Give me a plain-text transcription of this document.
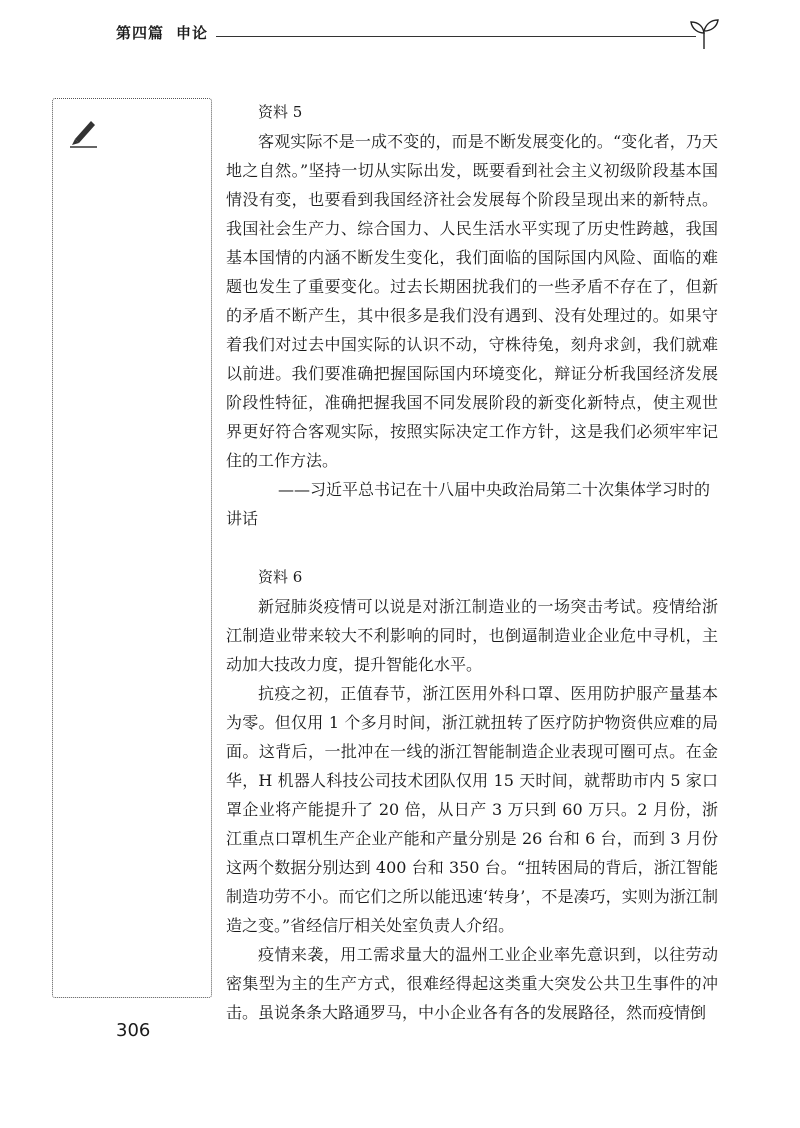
第四篇 申论

资料 5

客观实际不是一成不变的，而是不断发展变化的。“变化者，乃天地之自然。”坚持一切从实际出发，既要看到社会主义初级阶段基本国情没有变，也要看到我国经济社会发展每个阶段呈现出来的新特点。我国社会生产力、综合国力、人民生活水平实现了历史性跨越，我国基本国情的内涵不断发生变化，我们面临的国际国内风险、面临的难题也发生了重要变化。过去长期困扰我们的一些矛盾不存在了，但新的矛盾不断产生，其中很多是我们没有遇到、没有处理过的。如果守着我们对过去中国实际的认识不动，守株待兔，刻舟求剑，我们就难以前进。我们要准确把握国际国内环境变化，辩证分析我国经济发展阶段性特征，准确把握我国不同发展阶段的新变化新特点，使主观世界更好符合客观实际，按照实际决定工作方针，这是我们必须牢牢记住的工作方法。

——习近平总书记在十八届中央政治局第二十次集体学习时的讲话

资料 6

新冠肺炎疫情可以说是对浙江制造业的一场突击考试。疫情给浙江制造业带来较大不利影响的同时，也倒逼制造业企业危中寻机，主动加大技改力度，提升智能化水平。

抗疫之初，正值春节，浙江医用外科口罩、医用防护服产量基本为零。但仅用 1 个多月时间，浙江就扭转了医疗防护物资供应难的局面。这背后，一批冲在一线的浙江智能制造企业表现可圈可点。在金华，H 机器人科技公司技术团队仅用 15 天时间，就帮助市内 5 家口罩企业将产能提升了 20 倍，从日产 3 万只到 60 万只。2 月份，浙江重点口罩机生产企业产能和产量分别是 26 台和 6 台，而到 3 月份这两个数据分别达到 400 台和 350 台。“扭转困局的背后，浙江智能制造功劳不小。而它们之所以能迅速‘转身’，不是凑巧，实则为浙江制造之变。”省经信厅相关处室负责人介绍。

疫情来袭，用工需求量大的温州工业企业率先意识到，以往劳动密集型为主的生产方式，很难经得起这类重大突发公共卫生事件的冲击。虽说条条大路通罗马，中小企业各有各的发展路径，然而疫情倒

306
